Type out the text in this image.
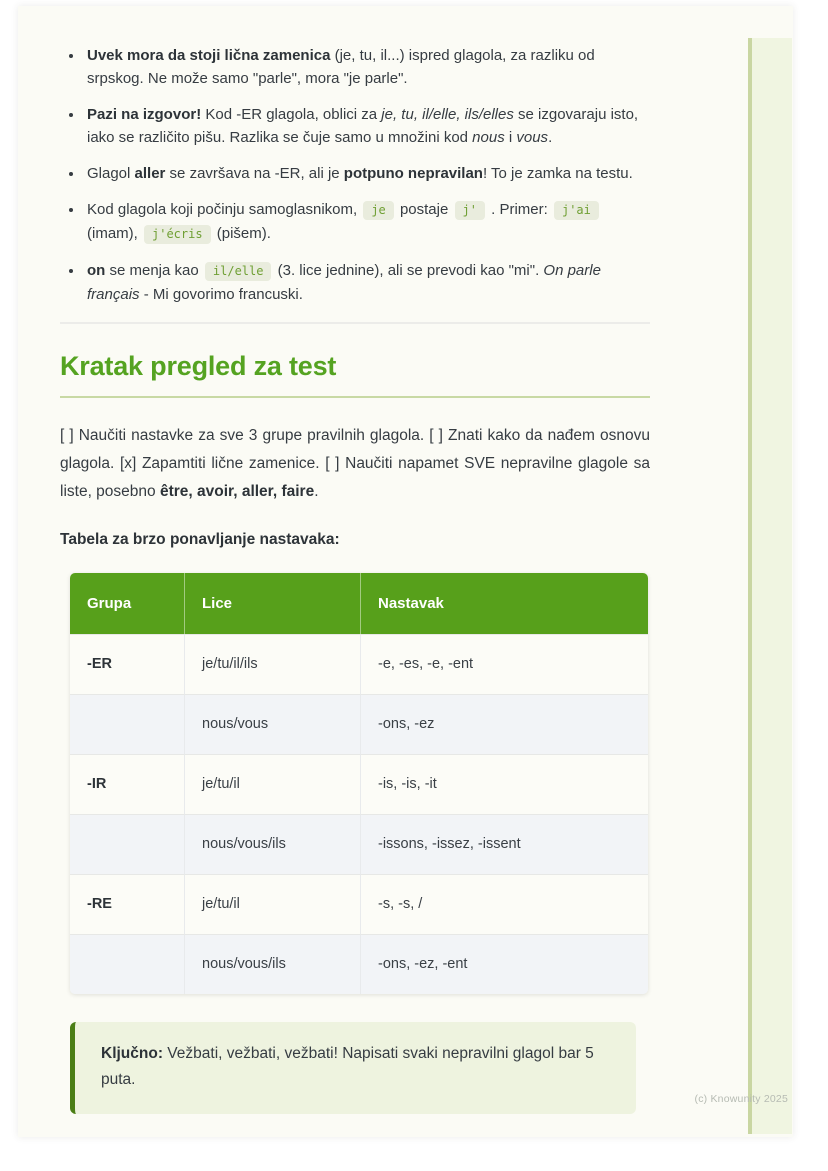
• Uvek mora da stoji lična zamenica (je, tu, il...) ispred glagola, za razliku od srpskog. Ne može samo "parle", mora "je parle".
• Pazi na izgovor! Kod -ER glagola, oblici za je, tu, il/elle, ils/elles se izgovaraju isto, iako se različito pišu. Razlika se čuje samo u množini kod nous i vous.
• Glagol aller se završava na -ER, ali je potpuno nepravilan! To je zamka na testu.
• Kod glagola koji počinju samoglasnikom, je postaje j' . Primer: j'ai (imam), j'écris (pišem).
• on se menja kao il/elle (3. lice jednine), ali se prevodi kao "mi". On parle français - Mi govorimo francuski.
Kratak pregled za test

[ ] Naučiti nastavke za sve 3 grupe pravilnih glagola. [ ] Znati kako da nađem osnovu glagola. [x] Zapamtiti lične zamenice. [ ] Naučiti napamet SVE nepravilne glagole sa liste, posebno être, avoir, aller, faire.

Tabela za brzo ponavljanje nastavaka:

Grupa	Lice	Nastavak
-ER	je/tu/il/ils	-e, -es, -e, -ent
	nous/vous	-ons, -ez
-IR	je/tu/il	-is, -is, -it
	nous/vous/ils	-issons, -issez, -issent
-RE	je/tu/il	-s, -s, /
	nous/vous/ils	-ons, -ez, -ent
Ključno: Vežbati, vežbati, vežbati! Napisati svaki nepravilni glagol bar 5 puta.
(c) Knowunity 2025
